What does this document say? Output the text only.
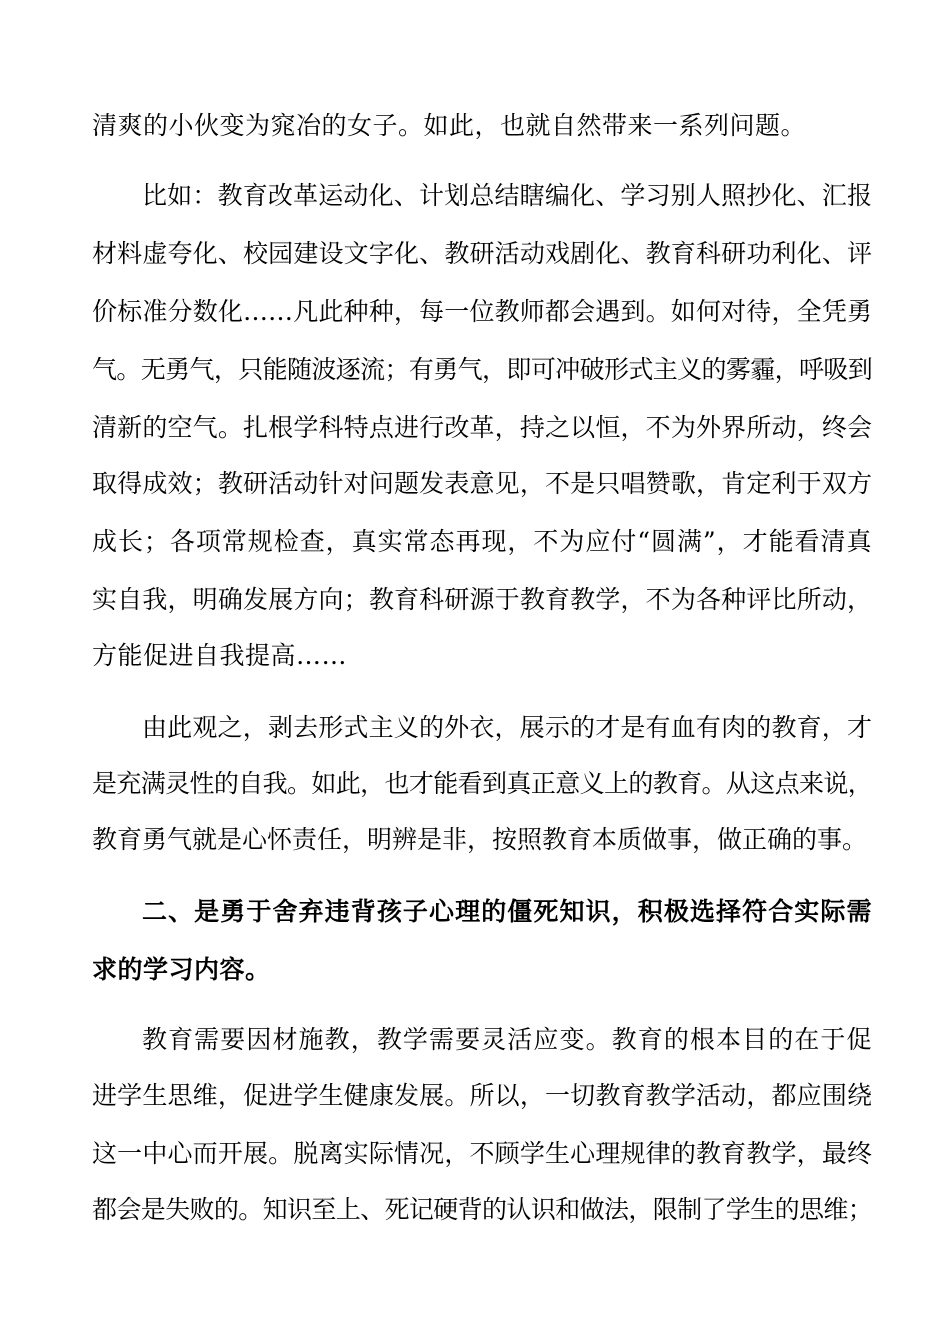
清爽的小伙变为窕冶的女子。如此，也就自然带来一系列问题。
比如：教育改革运动化、计划总结瞎编化、学习别人照抄化、汇报
材料虚夸化、校园建设文字化、教研活动戏剧化、教育科研功利化、评
价标准分数化……凡此种种，每一位教师都会遇到。如何对待，全凭勇
气。无勇气，只能随波逐流；有勇气，即可冲破形式主义的雾霾，呼吸到
清新的空气。扎根学科特点进行改革，持之以恒，不为外界所动，终会
取得成效；教研活动针对问题发表意见，不是只唱赞歌，肯定利于双方
成长；各项常规检查，真实常态再现，不为应付“圆满”，才能看清真
实自我，明确发展方向；教育科研源于教育教学，不为各种评比所动，
方能促进自我提高……
由此观之，剥去形式主义的外衣，展示的才是有血有肉的教育，才
是充满灵性的自我。如此，也才能看到真正意义上的教育。从这点来说，
教育勇气就是心怀责任，明辨是非，按照教育本质做事，做正确的事。
二、是勇于舍弃违背孩子心理的僵死知识，积极选择符合实际需
求的学习内容。
教育需要因材施教，教学需要灵活应变。教育的根本目的在于促
进学生思维，促进学生健康发展。所以，一切教育教学活动，都应围绕
这一中心而开展。脱离实际情况，不顾学生心理规律的教育教学，最终
都会是失败的。知识至上、死记硬背的认识和做法，限制了学生的思维；
